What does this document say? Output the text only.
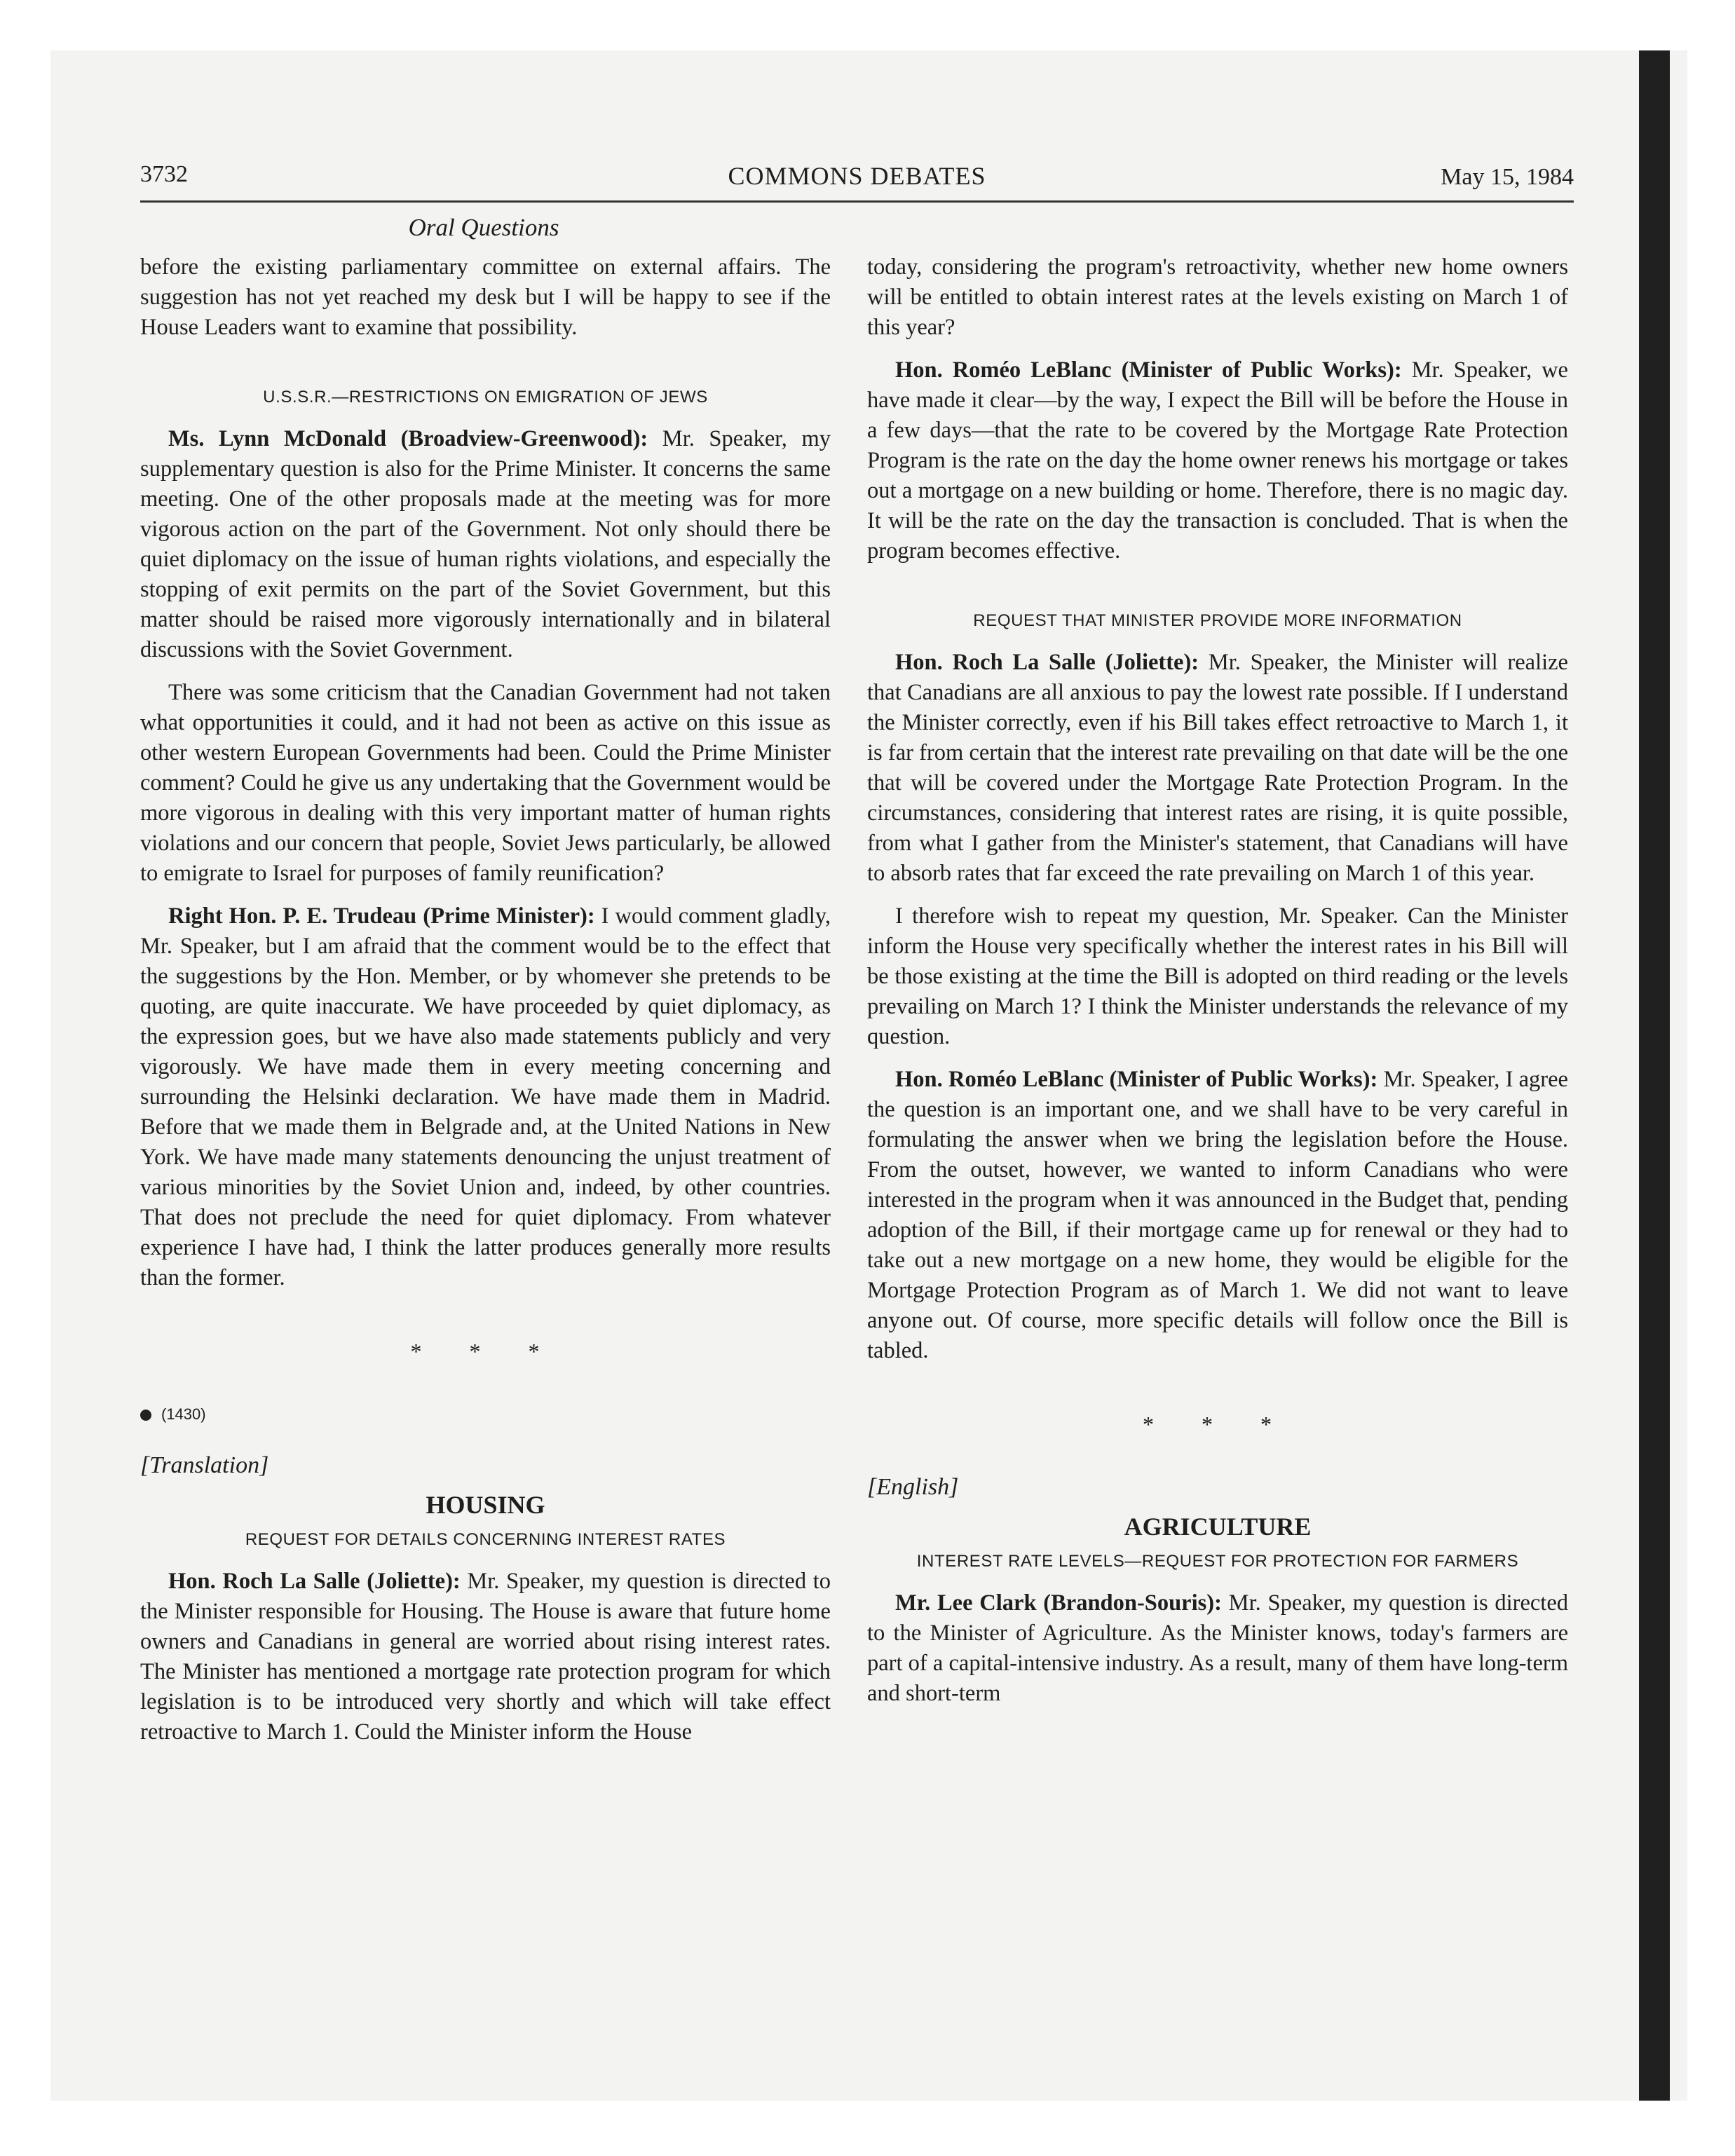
3732	COMMONS DEBATES	May 15, 1984
Oral Questions

before the existing parliamentary committee on external affairs. The suggestion has not yet reached my desk but I will be happy to see if the House Leaders want to examine that possibility.

U.S.S.R.—RESTRICTIONS ON EMIGRATION OF JEWS

Ms. Lynn McDonald (Broadview-Greenwood): Mr. Speaker, my supplementary question is also for the Prime Minister. It concerns the same meeting. One of the other proposals made at the meeting was for more vigorous action on the part of the Government. Not only should there be quiet diplomacy on the issue of human rights violations, and especially the stopping of exit permits on the part of the Soviet Government, but this matter should be raised more vigorously internationally and in bilateral discussions with the Soviet Government.

There was some criticism that the Canadian Government had not taken what opportunities it could, and it had not been as active on this issue as other western European Governments had been. Could the Prime Minister comment? Could he give us any undertaking that the Government would be more vigorous in dealing with this very important matter of human rights violations and our concern that people, Soviet Jews particularly, be allowed to emigrate to Israel for purposes of family reunification?

Right Hon. P. E. Trudeau (Prime Minister): I would comment gladly, Mr. Speaker, but I am afraid that the comment would be to the effect that the suggestions by the Hon. Member, or by whomever she pretends to be quoting, are quite inaccurate. We have proceeded by quiet diplomacy, as the expression goes, but we have also made statements publicly and very vigorously. We have made them in every meeting concerning and surrounding the Helsinki declaration. We have made them in Madrid. Before that we made them in Belgrade and, at the United Nations in New York. We have made many statements denouncing the unjust treatment of various minorities by the Soviet Union and, indeed, by other countries. That does not preclude the need for quiet diplomacy. From whatever experience I have had, I think the latter produces generally more results than the former.

* * *
(1430)
[Translation]
HOUSING
REQUEST FOR DETAILS CONCERNING INTEREST RATES

Hon. Roch La Salle (Joliette): Mr. Speaker, my question is directed to the Minister responsible for Housing. The House is aware that future home owners and Canadians in general are worried about rising interest rates. The Minister has mentioned a mortgage rate protection program for which legislation is to be introduced very shortly and which will take effect retroactive to March 1. Could the Minister inform the House

today, considering the program's retroactivity, whether new home owners will be entitled to obtain interest rates at the levels existing on March 1 of this year?

Hon. Roméo LeBlanc (Minister of Public Works): Mr. Speaker, we have made it clear—by the way, I expect the Bill will be before the House in a few days—that the rate to be covered by the Mortgage Rate Protection Program is the rate on the day the home owner renews his mortgage or takes out a mortgage on a new building or home. Therefore, there is no magic day. It will be the rate on the day the transaction is concluded. That is when the program becomes effective.

REQUEST THAT MINISTER PROVIDE MORE INFORMATION

Hon. Roch La Salle (Joliette): Mr. Speaker, the Minister will realize that Canadians are all anxious to pay the lowest rate possible. If I understand the Minister correctly, even if his Bill takes effect retroactive to March 1, it is far from certain that the interest rate prevailing on that date will be the one that will be covered under the Mortgage Rate Protection Program. In the circumstances, considering that interest rates are rising, it is quite possible, from what I gather from the Minister's statement, that Canadians will have to absorb rates that far exceed the rate prevailing on March 1 of this year.

I therefore wish to repeat my question, Mr. Speaker. Can the Minister inform the House very specifically whether the interest rates in his Bill will be those existing at the time the Bill is adopted on third reading or the levels prevailing on March 1? I think the Minister understands the relevance of my question.

Hon. Roméo LeBlanc (Minister of Public Works): Mr. Speaker, I agree the question is an important one, and we shall have to be very careful in formulating the answer when we bring the legislation before the House. From the outset, however, we wanted to inform Canadians who were interested in the program when it was announced in the Budget that, pending adoption of the Bill, if their mortgage came up for renewal or they had to take out a new mortgage on a new home, they would be eligible for the Mortgage Protection Program as of March 1. We did not want to leave anyone out. Of course, more specific details will follow once the Bill is tabled.

* * *
[English]
AGRICULTURE
INTEREST RATE LEVELS—REQUEST FOR PROTECTION FOR FARMERS

Mr. Lee Clark (Brandon-Souris): Mr. Speaker, my question is directed to the Minister of Agriculture. As the Minister knows, today's farmers are part of a capital-intensive industry. As a result, many of them have long-term and short-term
